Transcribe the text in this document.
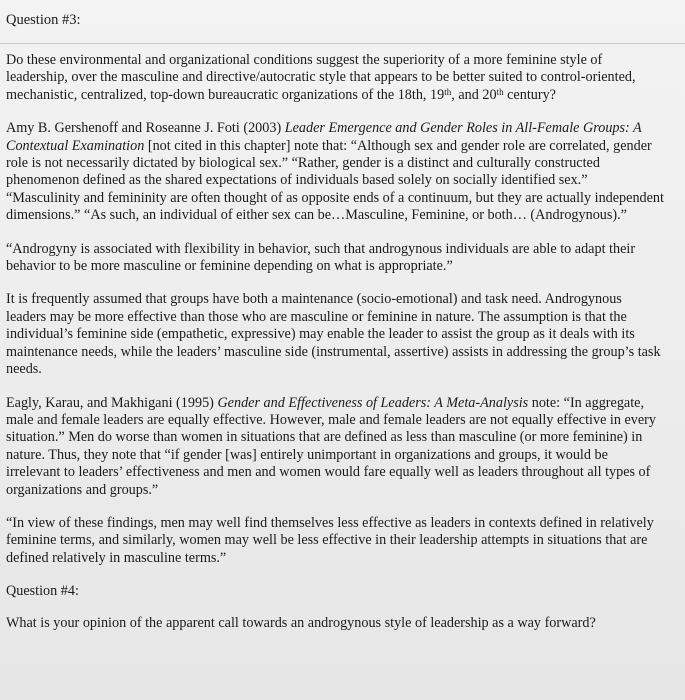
Question #3:

Do these environmental and organizational conditions suggest the superiority of a more feminine style of leadership, over the masculine and directive/autocratic style that appears to be better suited to control-oriented, mechanistic, centralized, top-down bureaucratic organizations of the 18th, 19th, and 20th century?

Amy B. Gershenoff and Roseanne J. Foti (2003) Leader Emergence and Gender Roles in All-Female Groups: A Contextual Examination [not cited in this chapter] note that: “Although sex and gender role are correlated, gender role is not necessarily dictated by biological sex.” “Rather, gender is a distinct and culturally constructed phenomenon defined as the shared expectations of individuals based solely on socially identified sex.” “Masculinity and femininity are often thought of as opposite ends of a continuum, but they are actually independent dimensions.” “As such, an individual of either sex can be…Masculine, Feminine, or both… (Androgynous).”

“Androgyny is associated with flexibility in behavior, such that androgynous individuals are able to adapt their behavior to be more masculine or feminine depending on what is appropriate.”

It is frequently assumed that groups have both a maintenance (socio-emotional) and task need. Androgynous leaders may be more effective than those who are masculine or feminine in nature. The assumption is that the individual’s feminine side (empathetic, expressive) may enable the leader to assist the group as it deals with its maintenance needs, while the leaders’ masculine side (instrumental, assertive) assists in addressing the group’s task needs.

Eagly, Karau, and Makhigani (1995) Gender and Effectiveness of Leaders: A Meta-Analysis note: “In aggregate, male and female leaders are equally effective. However, male and female leaders are not equally effective in every situation.” Men do worse than women in situations that are defined as less than masculine (or more feminine) in nature. Thus, they note that “if gender [was] entirely unimportant in organizations and groups, it would be irrelevant to leaders’ effectiveness and men and women would fare equally well as leaders throughout all types of organizations and groups.”

“In view of these findings, men may well find themselves less effective as leaders in contexts defined in relatively feminine terms, and similarly, women may well be less effective in their leadership attempts in situations that are defined relatively in masculine terms.”

Question #4:

What is your opinion of the apparent call towards an androgynous style of leadership as a way forward?
